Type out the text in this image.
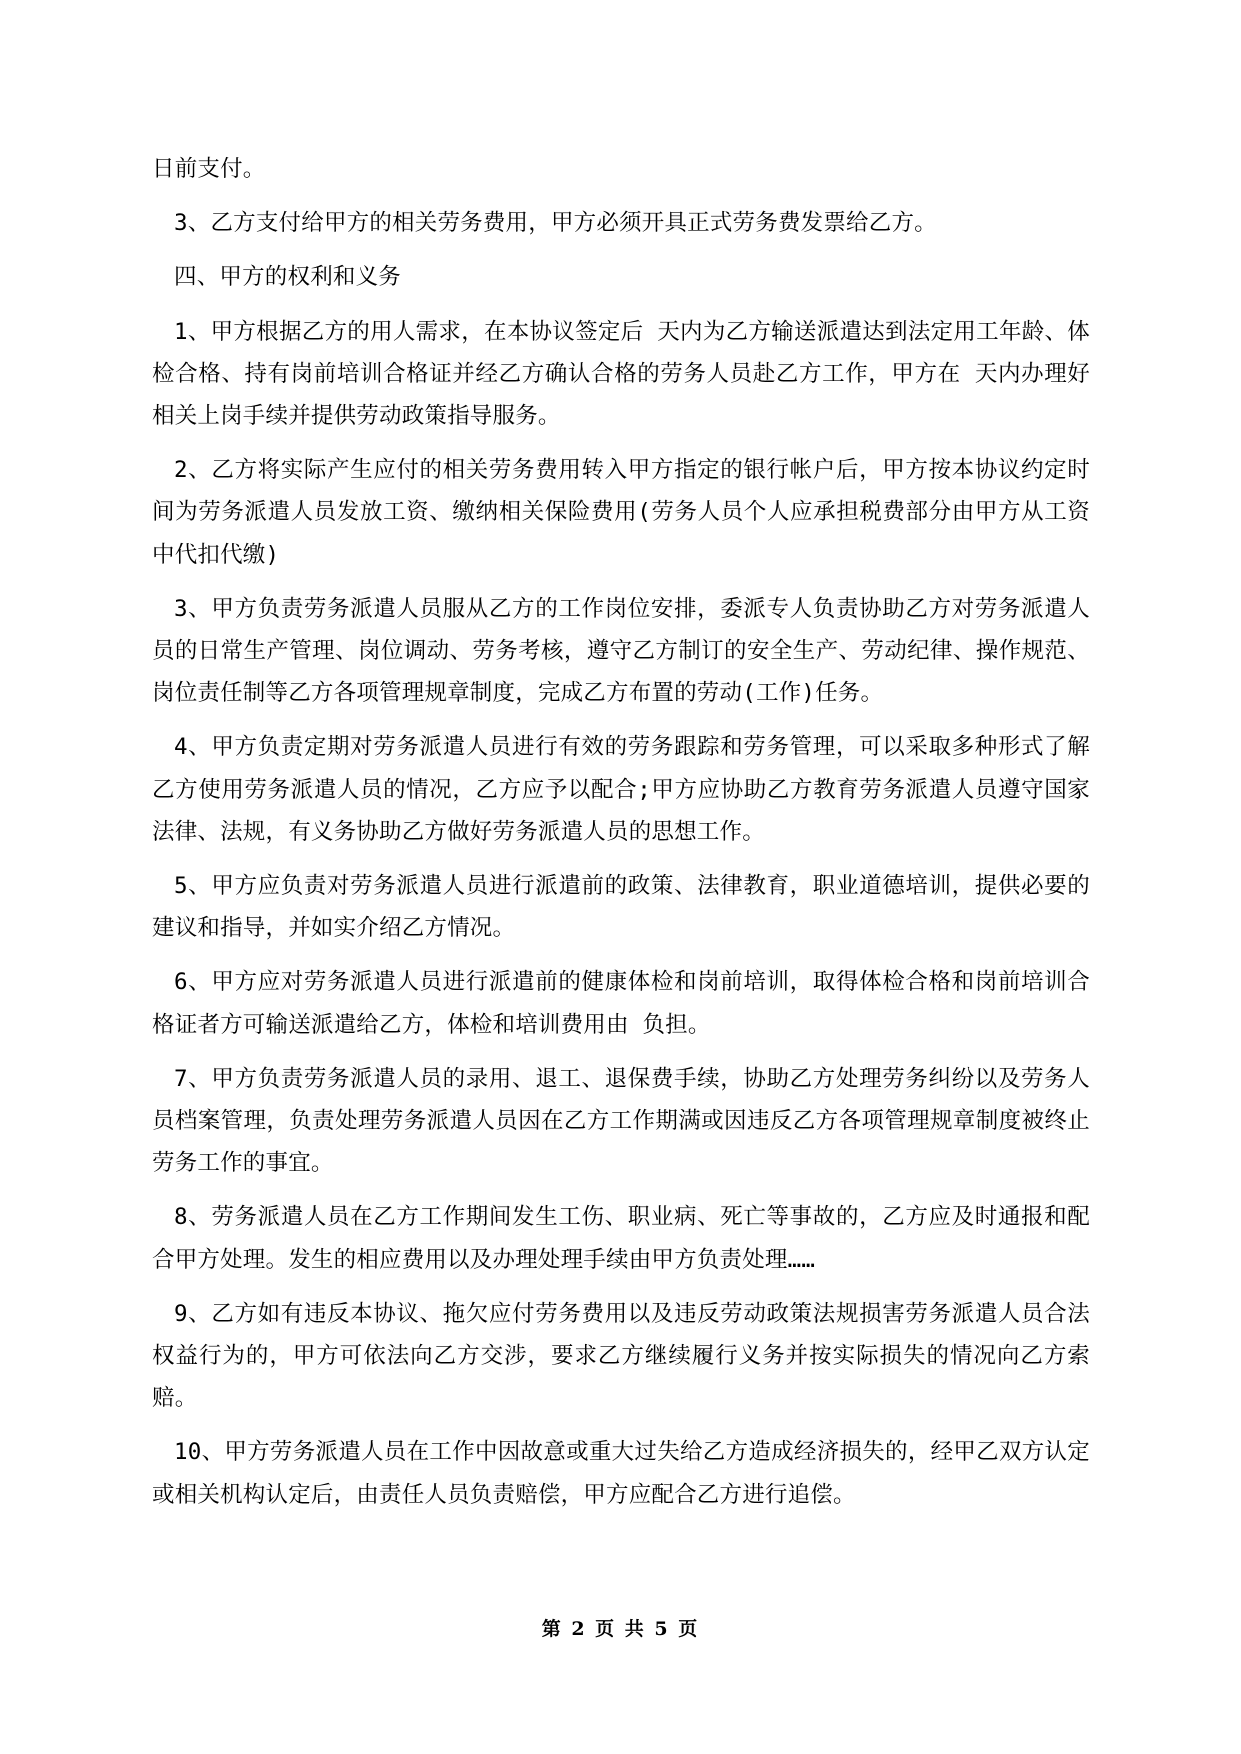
日前支付。

3、乙方支付给甲方的相关劳务费用，甲方必须开具正式劳务费发票给乙方。

四、甲方的权利和义务

1、甲方根据乙方的用人需求，在本协议签定后 天内为乙方输送派遣达到法定用工年龄、体检合格、持有岗前培训合格证并经乙方确认合格的劳务人员赴乙方工作，甲方在 天内办理好相关上岗手续并提供劳动政策指导服务。

2、乙方将实际产生应付的相关劳务费用转入甲方指定的银行帐户后，甲方按本协议约定时间为劳务派遣人员发放工资、缴纳相关保险费用(劳务人员个人应承担税费部分由甲方从工资中代扣代缴)

3、甲方负责劳务派遣人员服从乙方的工作岗位安排，委派专人负责协助乙方对劳务派遣人员的日常生产管理、岗位调动、劳务考核，遵守乙方制订的安全生产、劳动纪律、操作规范、岗位责任制等乙方各项管理规章制度，完成乙方布置的劳动(工作)任务。

4、甲方负责定期对劳务派遣人员进行有效的劳务跟踪和劳务管理，可以采取多种形式了解乙方使用劳务派遣人员的情况，乙方应予以配合;甲方应协助乙方教育劳务派遣人员遵守国家法律、法规，有义务协助乙方做好劳务派遣人员的思想工作。

5、甲方应负责对劳务派遣人员进行派遣前的政策、法律教育，职业道德培训，提供必要的建议和指导，并如实介绍乙方情况。

6、甲方应对劳务派遣人员进行派遣前的健康体检和岗前培训，取得体检合格和岗前培训合格证者方可输送派遣给乙方，体检和培训费用由 负担。

7、甲方负责劳务派遣人员的录用、退工、退保费手续，协助乙方处理劳务纠纷以及劳务人员档案管理，负责处理劳务派遣人员因在乙方工作期满或因违反乙方各项管理规章制度被终止劳务工作的事宜。

8、劳务派遣人员在乙方工作期间发生工伤、职业病、死亡等事故的，乙方应及时通报和配合甲方处理。发生的相应费用以及办理处理手续由甲方负责处理……

9、乙方如有违反本协议、拖欠应付劳务费用以及违反劳动政策法规损害劳务派遣人员合法权益行为的，甲方可依法向乙方交涉，要求乙方继续履行义务并按实际损失的情况向乙方索赔。

10、甲方劳务派遣人员在工作中因故意或重大过失给乙方造成经济损失的，经甲乙双方认定或相关机构认定后，由责任人员负责赔偿，甲方应配合乙方进行追偿。

第 2 页 共 5 页
